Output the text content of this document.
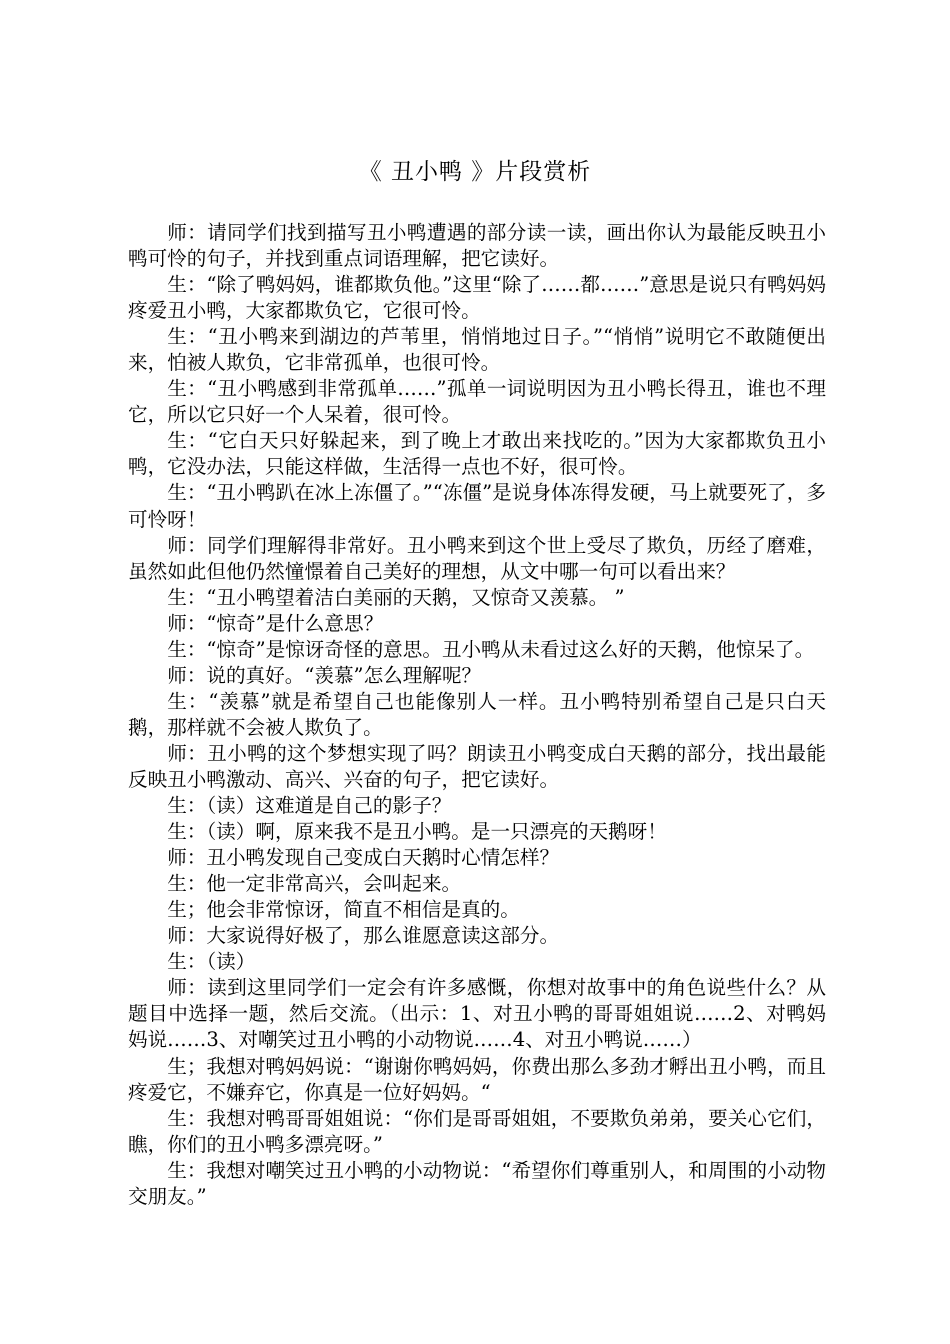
《 丑小鸭 》片段赏析

师：请同学们找到描写丑小鸭遭遇的部分读一读，画出你认为最能反映丑小鸭可怜的句子，并找到重点词语理解，把它读好。

生：“除了鸭妈妈，谁都欺负他。”这里“除了……都……”意思是说只有鸭妈妈疼爱丑小鸭，大家都欺负它，它很可怜。

生：“丑小鸭来到湖边的芦苇里，悄悄地过日子。”“悄悄”说明它不敢随便出来，怕被人欺负，它非常孤单，也很可怜。

生：“丑小鸭感到非常孤单……”孤单一词说明因为丑小鸭长得丑，谁也不理它，所以它只好一个人呆着，很可怜。

生：“它白天只好躲起来，到了晚上才敢出来找吃的。”因为大家都欺负丑小鸭，它没办法，只能这样做，生活得一点也不好，很可怜。

生：“丑小鸭趴在冰上冻僵了。”“冻僵”是说身体冻得发硬，马上就要死了，多可怜呀！

师：同学们理解得非常好。丑小鸭来到这个世上受尽了欺负，历经了磨难，虽然如此但他仍然憧憬着自己美好的理想，从文中哪一句可以看出来？

生：“丑小鸭望着洁白美丽的天鹅，又惊奇又羡慕。 ”

师：“惊奇”是什么意思？

生：“惊奇”是惊讶奇怪的意思。丑小鸭从未看过这么好的天鹅，他惊呆了。

师：说的真好。“羡慕”怎么理解呢？

生：“羡慕”就是希望自己也能像别人一样。丑小鸭特别希望自己是只白天鹅，那样就不会被人欺负了。

师：丑小鸭的这个梦想实现了吗？朗读丑小鸭变成白天鹅的部分，找出最能反映丑小鸭激动、高兴、兴奋的句子，把它读好。

生：（读）这难道是自己的影子？

生：（读）啊，原来我不是丑小鸭。是一只漂亮的天鹅呀！

师：丑小鸭发现自己变成白天鹅时心情怎样？

生：他一定非常高兴，会叫起来。

生；他会非常惊讶，简直不相信是真的。

师：大家说得好极了，那么谁愿意读这部分。

生：（读）

师：读到这里同学们一定会有许多感慨，你想对故事中的角色说些什么？从题目中选择一题，然后交流。（出示：1、对丑小鸭的哥哥姐姐说……2、对鸭妈妈说……3、对嘲笑过丑小鸭的小动物说……4、对丑小鸭说……）

生；我想对鸭妈妈说：“谢谢你鸭妈妈，你费出那么多劲才孵出丑小鸭，而且疼爱它，不嫌弃它，你真是一位好妈妈。“

生：我想对鸭哥哥姐姐说：“你们是哥哥姐姐，不要欺负弟弟，要关心它们，瞧，你们的丑小鸭多漂亮呀。”

生：我想对嘲笑过丑小鸭的小动物说：“希望你们尊重别人，和周围的小动物交朋友。”
